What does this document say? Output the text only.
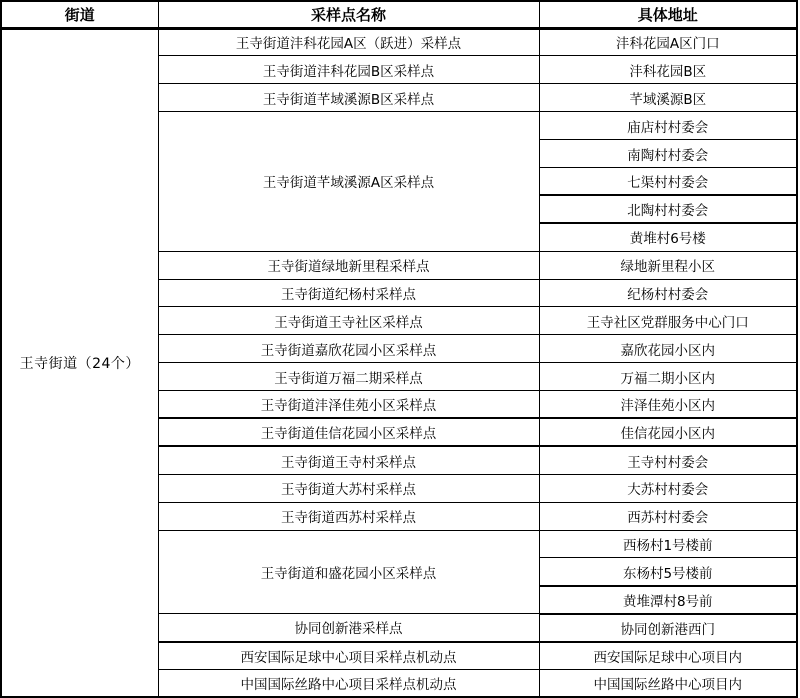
街道	采样点名称	具体地址
王寺街道（24个）	王寺街道沣科花园A区（跃进）采样点	沣科花园A区门口
	王寺街道沣科花园B区采样点	沣科花园B区
	王寺街道芊域溪源B区采样点	芊域溪源B区
	王寺街道芊域溪源A区采样点	庙店村村委会
		南陶村村委会
		七渠村村委会
		北陶村村委会
		黄堆村6号楼
	王寺街道绿地新里程采样点	绿地新里程小区
	王寺街道纪杨村采样点	纪杨村村委会
	王寺街道王寺社区采样点	王寺社区党群服务中心门口
	王寺街道嘉欣花园小区采样点	嘉欣花园小区内
	王寺街道万福二期采样点	万福二期小区内
	王寺街道沣泽佳苑小区采样点	沣泽佳苑小区内
	王寺街道佳信花园小区采样点	佳信花园小区内
	王寺街道王寺村采样点	王寺村村委会
	王寺街道大苏村采样点	大苏村村委会
	王寺街道西苏村采样点	西苏村村委会
	王寺街道和盛花园小区采样点	西杨村1号楼前
		东杨村5号楼前
		黄堆潭村8号前
	协同创新港采样点	协同创新港西门
	西安国际足球中心项目采样点机动点	西安国际足球中心项目内
	中国国际丝路中心项目采样点机动点	中国国际丝路中心项目内
